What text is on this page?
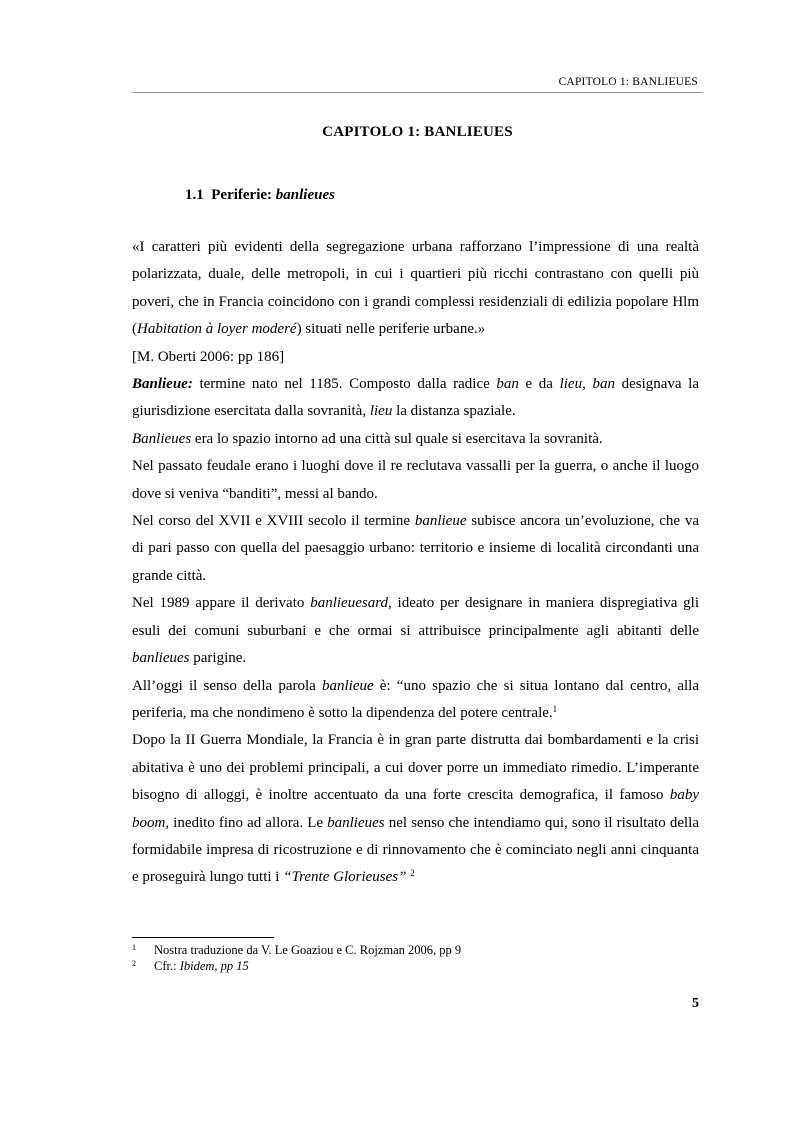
CAPITOLO 1: BANLIEUES
CAPITOLO 1: BANLIEUES
1.1 Periferie: banlieues

«I caratteri più evidenti della segregazione urbana rafforzano l’impressione di una realtà polarizzata, duale, delle metropoli, in cui i quartieri più ricchi contrastano con quelli più poveri, che in Francia coincidono con i grandi complessi residenziali di edilizia popolare Hlm (Habitation à loyer moderé) situati nelle periferie urbane.»

[M. Oberti 2006: pp 186]

Banlieue: termine nato nel 1185. Composto dalla radice ban e da lieu, ban designava la giurisdizione esercitata dalla sovranità, lieu la distanza spaziale.

Banlieues era lo spazio intorno ad una città sul quale si esercitava la sovranità.

Nel passato feudale erano i luoghi dove il re reclutava vassalli per la guerra, o anche il luogo dove si veniva “banditi”, messi al bando.

Nel corso del XVII e XVIII secolo il termine banlieue subisce ancora un’evoluzione, che va di pari passo con quella del paesaggio urbano: territorio e insieme di località circondanti una grande città.

Nel 1989 appare il derivato banlieuesard, ideato per designare in maniera dispregiativa gli esuli dei comuni suburbani e che ormai si attribuisce principalmente agli abitanti delle banlieues parigine.

All’oggi il senso della parola banlieue è: “uno spazio che si situa lontano dal centro, alla periferia, ma che nondimeno è sotto la dipendenza del potere centrale.$^1$

Dopo la II Guerra Mondiale, la Francia è in gran parte distrutta dai bombardamenti e la crisi abitativa è uno dei problemi principali, a cui dover porre un immediato rimedio. L’imperante bisogno di alloggi, è inoltre accentuato da una forte crescita demografica, il famoso baby boom, inedito fino ad allora. Le banlieues nel senso che intendiamo qui, sono il risultato della formidabile impresa di ricostruzione e di rinnovamento che è cominciato negli anni cinquanta e proseguirà lungo tutti i “Trente Glorieuses” $^2$

1	Nostra traduzione da V. Le Goaziou e C. Rojzman 2006, pp 9
2	Cfr.: Ibidem, pp 15
5
